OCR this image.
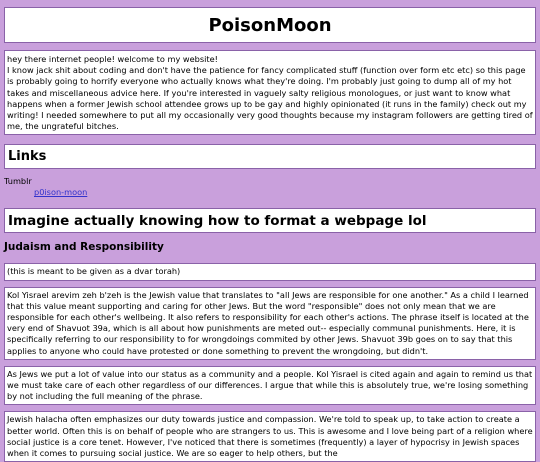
PoisonMoon
hey there internet people! welcome to my website!
I know jack shit about coding and don't have the patience for fancy complicated stuff (function over form etc etc) so this page is probably going to horrify everyone who actually knows what they're doing. I'm probably just going to dump all of my hot takes and miscellaneous advice here. If you're interested in vaguely salty religious monologues, or just want to know what happens when a former Jewish school attendee grows up to be gay and highly opinionated (it runs in the family) check out my writing! I needed somewhere to put all my occasionally very good thoughts because my instagram followers are getting tired of me, the ungrateful bitches.
Links
Tumblr
p0ison-moon
Imagine actually knowing how to format a webpage lol
Judaism and Responsibility
(this is meant to be given as a dvar torah)
Kol Yisrael arevim zeh b'zeh is the Jewish value that translates to "all Jews are responsible for one another." As a child I learned that this value meant supporting and caring for other Jews. But the word "responsible" does not only mean that we are responsible for each other's wellbeing. It also refers to responsibility for each other's actions. The phrase itself is located at the very end of Shavuot 39a, which is all about how punishments are meted out-- especially communal punishments. Here, it is specifically referring to our responsibility to for wrongdoings commited by other Jews. Shavuot 39b goes on to say that this applies to anyone who could have protested or done something to prevent the wrongdoing, but didn't.
As Jews we put a lot of value into our status as a community and a people. Kol Yisrael is cited again and again to remind us that we must take care of each other regardless of our differences. I argue that while this is absolutely true, we're losing something by not including the full meaning of the phrase.
Jewish halacha often emphasizes our duty towards justice and compassion. We're told to speak up, to take action to create a better world. Often this is on behalf of people who are strangers to us. This is awesome and I love being part of a religion where social justice is a core tenet. However, I've noticed that there is sometimes (frequently) a layer of hypocrisy in Jewish spaces when it comes to pursuing social justice. We are so eager to help others, but the
